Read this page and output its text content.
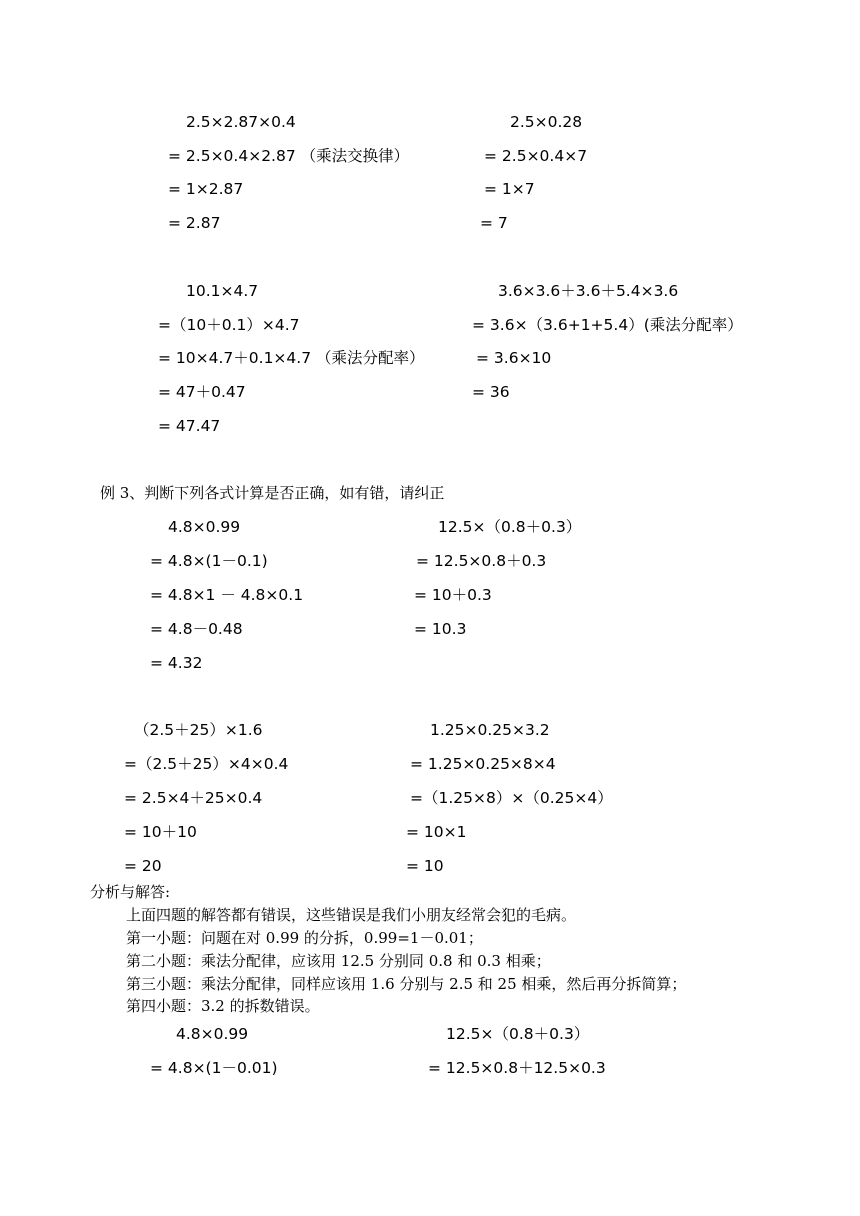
2.5×2.87×0.4
= 2.5×0.4×2.87 （乘法交换律）
= 1×2.87
= 2.87
2.5×0.28
= 2.5×0.4×7
= 1×7
= 7
10.1×4.7
=（10＋0.1）×4.7
= 10×4.7＋0.1×4.7 （乘法分配率）
= 47＋0.47
= 47.47
3.6×3.6＋3.6＋5.4×3.6
= 3.6×（3.6+1+5.4）(乘法分配率）
= 3.6×10
= 36
例 3、判断下列各式计算是否正确，如有错，请纠正
4.8×0.99
= 4.8×(1－0.1)
= 4.8×1 － 4.8×0.1
= 4.8－0.48
= 4.32
12.5×（0.8＋0.3）
= 12.5×0.8＋0.3
= 10＋0.3
= 10.3
（2.5＋25）×1.6
=（2.5＋25）×4×0.4
= 2.5×4＋25×0.4
= 10＋10
= 20
1.25×0.25×3.2
= 1.25×0.25×8×4
=（1.25×8）×（0.25×4）
= 10×1
= 10
分析与解答:
上面四题的解答都有错误，这些错误是我们小朋友经常会犯的毛病。
第一小题：问题在对 0.99 的分拆，0.99=1－0.01；
第二小题：乘法分配律，应该用 12.5 分别同 0.8 和 0.3 相乘；
第三小题：乘法分配律，同样应该用 1.6 分别与 2.5 和 25 相乘，然后再分拆简算；
第四小题：3.2 的拆数错误。
4.8×0.99
= 4.8×(1－0.01)
12.5×（0.8＋0.3）
= 12.5×0.8＋12.5×0.3
